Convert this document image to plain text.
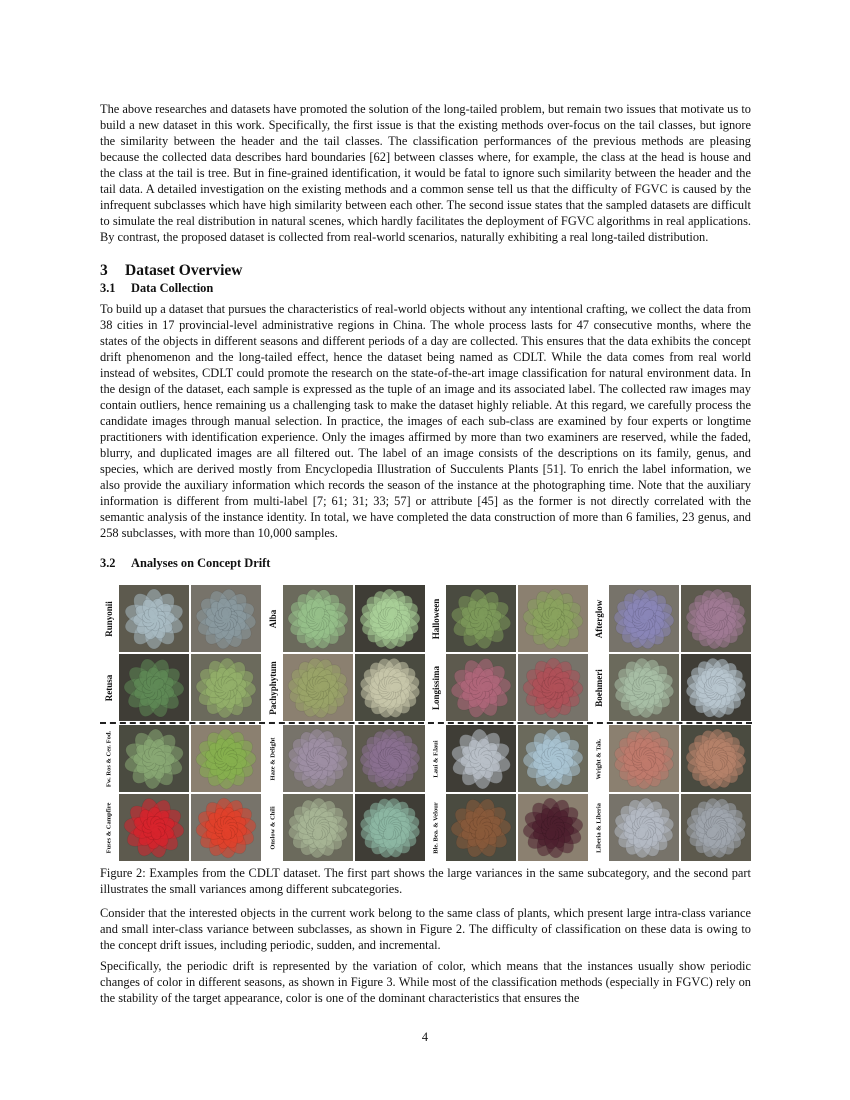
The above researches and datasets have promoted the solution of the long-tailed problem, but remain two issues that motivate us to build a new dataset in this work. Specifically, the first issue is that the existing methods over-focus on the tail classes, but ignore the similarity between the header and the tail classes. The classification performances of the previous methods are pleasing because the collected data describes hard boundaries [62] between classes where, for example, the class at the head is house and the class at the tail is tree. But in fine-grained identification, it would be fatal to ignore such similarity between the header and the tail data. A detailed investigation on the existing methods and a common sense tell us that the difficulty of FGVC is caused by the infrequent subclasses which have high similarity between each other. The second issue states that the sampled datasets are difficult to simulate the real distribution in natural scenes, which hardly facilitates the deployment of FGVC algorithms in real applications. By contrast, the proposed dataset is collected from real-world scenarios, naturally exhibiting a real long-tailed distribution.

3 Dataset Overview
3.1 Data Collection

To build up a dataset that pursues the characteristics of real-world objects without any intentional crafting, we collect the data from 38 cities in 17 provincial-level administrative regions in China. The whole process lasts for 47 consecutive months, where the states of the objects in different seasons and different periods of a day are collected. This ensures that the data exhibits the concept drift phenomenon and the long-tailed effect, hence the dataset being named as CDLT. While the data comes from real world instead of websites, CDLT could promote the research on the state-of-the-art image classification for natural environment data. In the design of the dataset, each sample is expressed as the tuple of an image and its associated label. The collected raw images may contain outliers, hence remaining us a challenging task to make the dataset highly reliable. At this regard, we carefully process the candidate images through manual selection. In practice, the images of each sub-class are examined by four experts or longtime practitioners with identification experience. Only the images affirmed by more than two examiners are reserved, while the faded, blurry, and duplicated images are all filtered out. The label of an image consists of the descriptions on its family, genus, and species, which are derived mostly from Encyclopedia Illustration of Succulents Plants [51]. To enrich the label information, we also provide the auxiliary information which records the season of the instance at the photographing time. Note that the auxiliary information is different from multi-label [7; 61; 31; 33; 57] or attribute [45] as the former is not directly correlated with the semantic analysis of the instance identity. In total, we have completed the data construction of more than 6 families, 23 genus, and 258 subclasses, with more than 10,000 samples.

3.2 Analyses on Concept Drift
Runyonii	Alba	Halloween	Afterglow
Retusa	Pachyphytum	Longissima	Boehmeri
Fw. Ros & Cer. Fod.	Haze & Delight	Laui & F.laui	Wright & Tak.
Fuses & Campfire	Onslow & Chili	Ble. Bea. & Velour	Liberia & Liberia

Figure 2: Examples from the CDLT dataset. The first part shows the large variances in the same subcategory, and the second part illustrates the small variances among different subcategories.

Consider that the interested objects in the current work belong to the same class of plants, which present large intra-class variance and small inter-class variance between subclasses, as shown in Figure 2. The difficulty of classification on these data is owing to the concept drift issues, including periodic, sudden, and incremental.

Specifically, the periodic drift is represented by the variation of color, which means that the instances usually show periodic changes of color in different seasons, as shown in Figure 3. While most of the classification methods (especially in FGVC) rely on the stability of the target appearance, color is one of the dominant characteristics that ensures the

4
